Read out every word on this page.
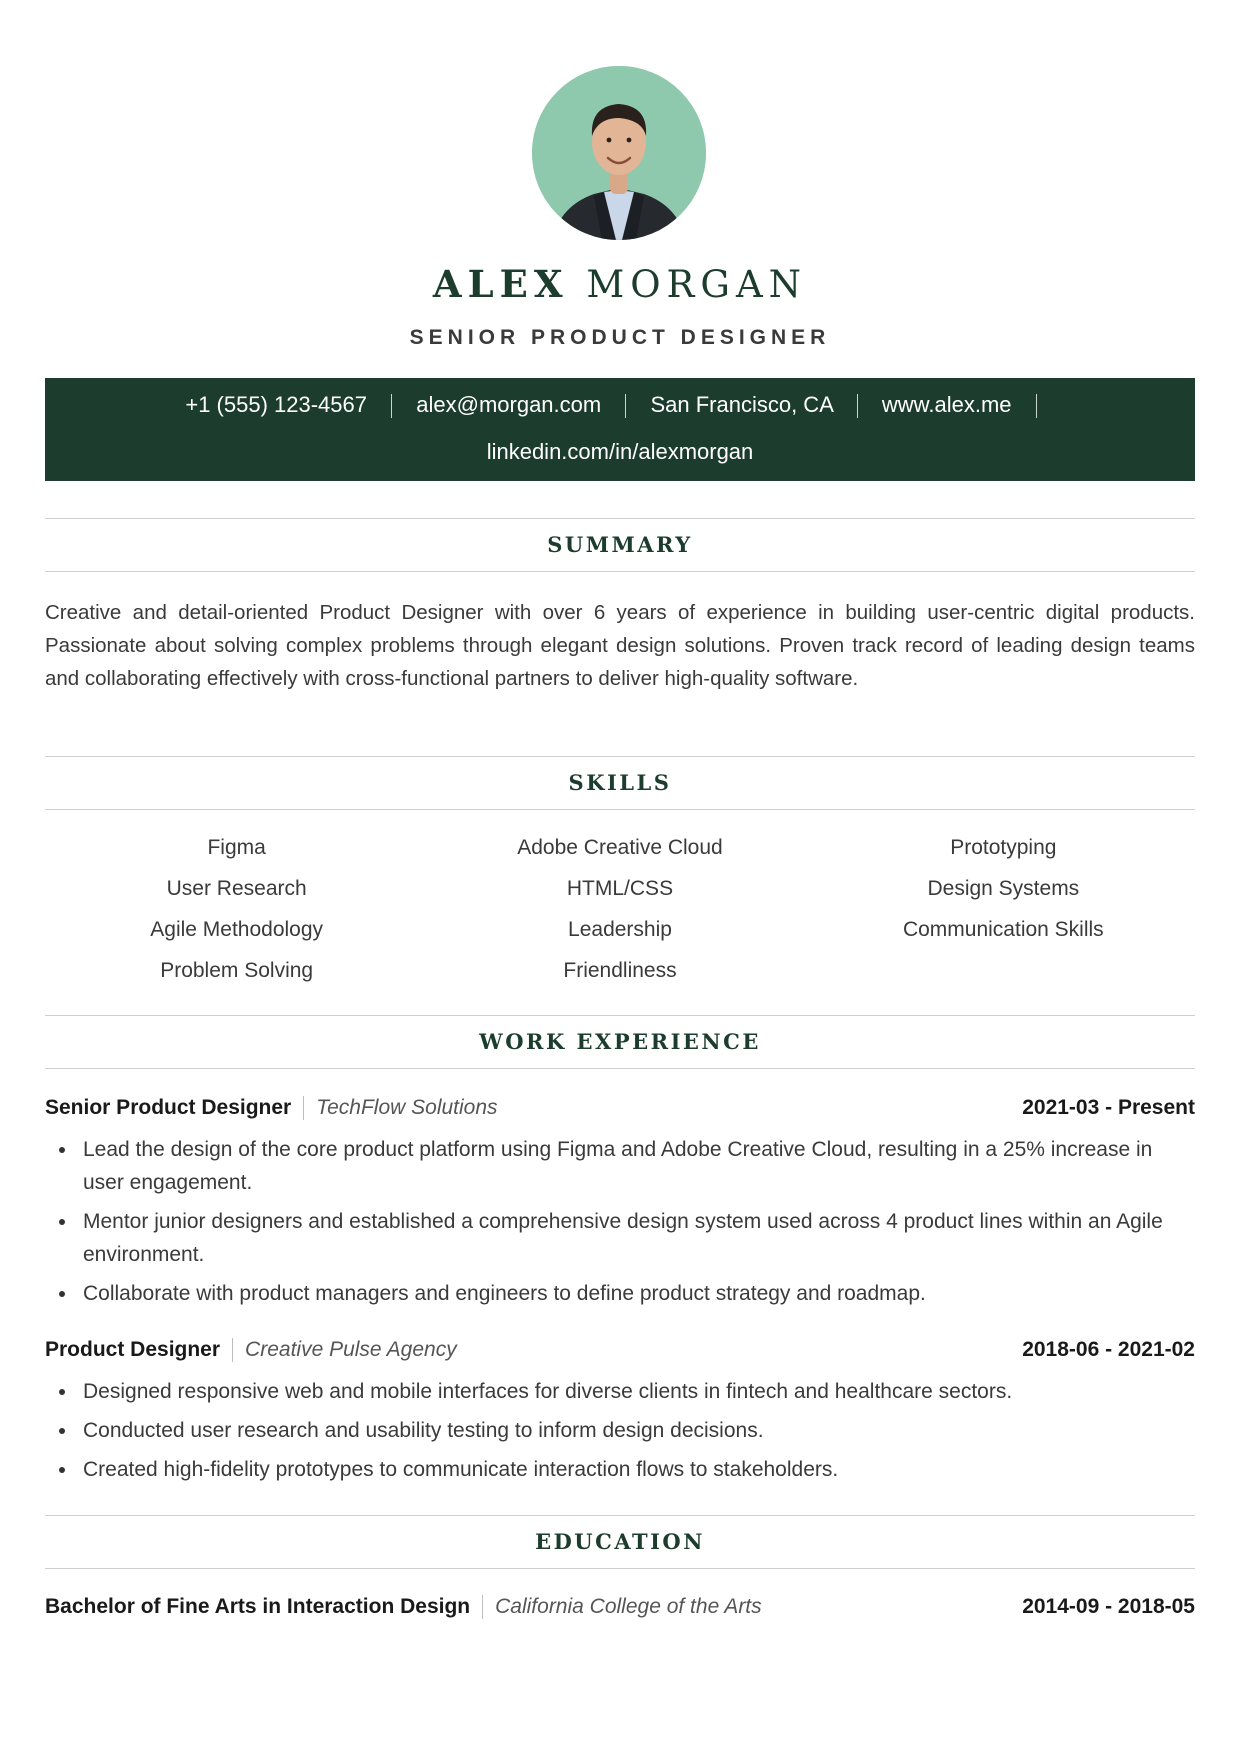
ALEX MORGAN
SENIOR PRODUCT DESIGNER
+1 (555) 123-4567 alex@morgan.com San Francisco, CA www.alex.me
linkedin.com/in/alexmorgan
SUMMARY

Creative and detail-oriented Product Designer with over 6 years of experience in building user-centric digital products. Passionate about solving complex problems through elegant design solutions. Proven track record of leading design teams and collaborating effectively with cross-functional partners to deliver high-quality software.

SKILLS
Figma	Adobe Creative Cloud	Prototyping
User Research	HTML/CSS	Design Systems
Agile Methodology	Leadership	Communication Skills
Problem Solving	Friendliness
WORK EXPERIENCE
Senior Product Designer TechFlow Solutions	2021-03 - Present
Lead the design of the core product platform using Figma and Adobe Creative Cloud, resulting in a 25% increase in user engagement.
Mentor junior designers and established a comprehensive design system used across 4 product lines within an Agile environment.
Collaborate with product managers and engineers to define product strategy and roadmap.
Product Designer Creative Pulse Agency	2018-06 - 2021-02
Designed responsive web and mobile interfaces for diverse clients in fintech and healthcare sectors.
Conducted user research and usability testing to inform design decisions.
Created high-fidelity prototypes to communicate interaction flows to stakeholders.
EDUCATION
Bachelor of Fine Arts in Interaction Design California College of the Arts	2014-09 - 2018-05
